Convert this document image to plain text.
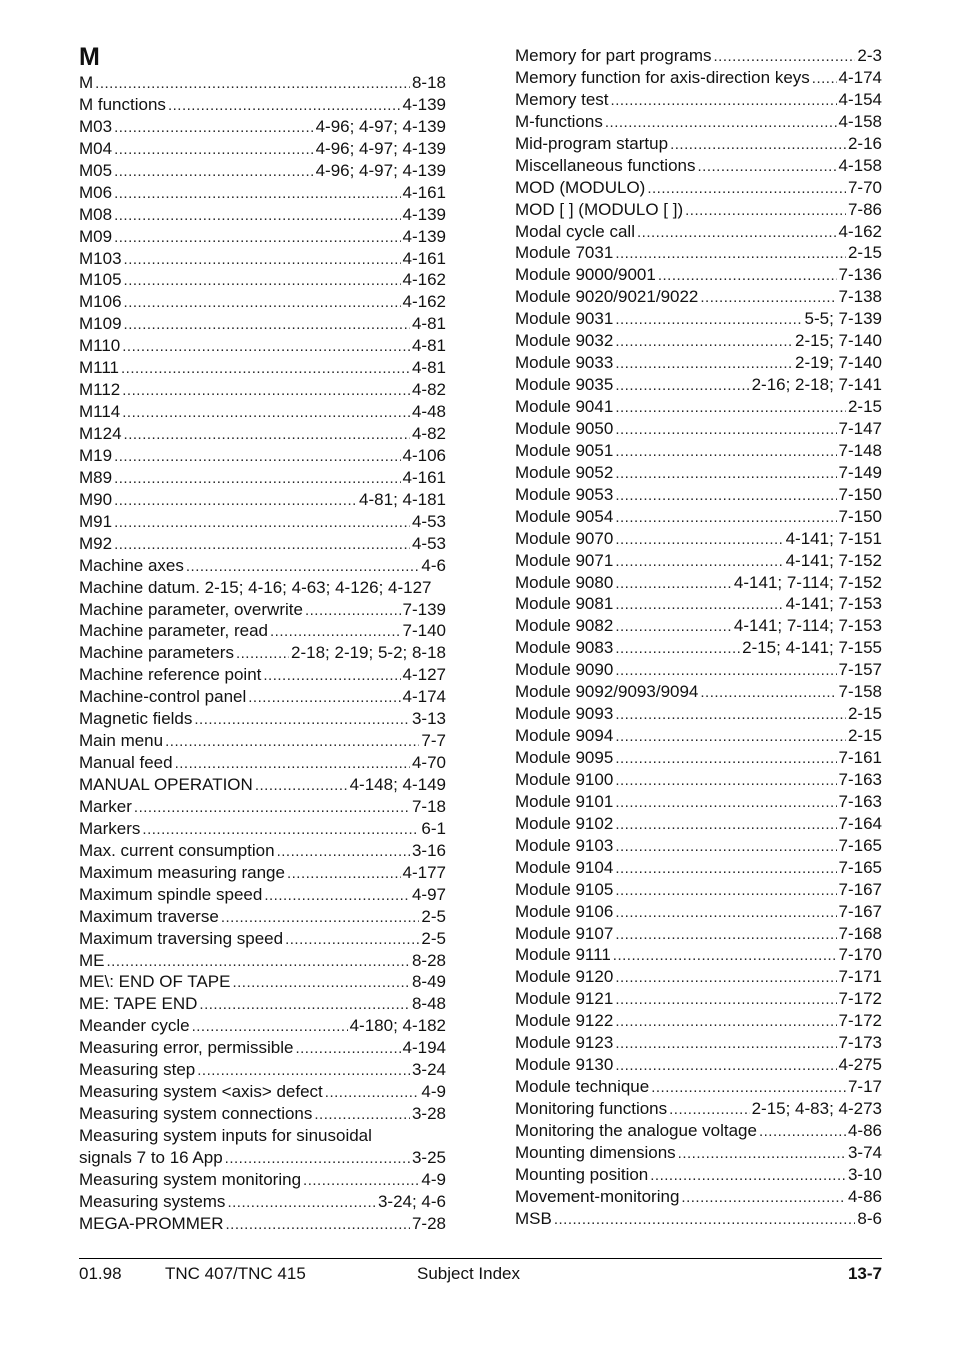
M
M .....	8-18
M functions .....	4-139
M03 .....	4-96; 4-97; 4-139
M04 .....	4-96; 4-97; 4-139
M05 .....	4-96; 4-97; 4-139
M06 .....	4-161
M08 .....	4-139
M09 .....	4-139
M103 .....	4-161
M105 .....	4-162
M106 .....	4-162
M109 .....	4-81
M110 .....	4-81
M111 .....	4-81
M112 .....	4-82
M114 .....	4-48
M124 .....	4-82
M19 .....	4-106
M89 .....	4-161
M90 .....	4-81; 4-181
M91 .....	4-53
M92 .....	4-53
Machine axes .....	4-6
Machine datum. 2-15; 4-16; 4-63; 4-126; 4-127
Machine parameter, overwrite .....	7-139
Machine parameter, read .....	7-140
Machine parameters .....	2-18; 2-19; 5-2; 8-18
Machine reference point .....	4-127
Machine-control panel .....	4-174
Magnetic fields .....	3-13
Main menu .....	7-7
Manual feed .....	4-70
MANUAL OPERATION .....	4-148; 4-149
Marker .....	7-18
Markers .....	6-1
Max. current consumption .....	3-16
Maximum measuring range .....	4-177
Maximum spindle speed .....	4-97
Maximum traverse .....	2-5
Maximum traversing speed .....	2-5
ME .....	8-28
ME\: END OF TAPE .....	8-49
ME: TAPE END .....	8-48
Meander cycle .....	4-180; 4-182
Measuring error, permissible .....	4-194
Measuring step .....	3-24
Measuring system <axis> defect .....	4-9
Measuring system connections .....	3-28
Measuring system inputs for sinusoidal
signals 7 to 16 App .....	3-25
Measuring system monitoring .....	4-9
Measuring systems .....	3-24; 4-6
MEGA-PROMMER .....	7-28
Memory for part programs .....	2-3
Memory function for axis-direction keys ..... 4-174
Memory test .....	4-154
M-functions .....	4-158
Mid-program startup .....	2-16
Miscellaneous functions .....	4-158
MOD (MODULO) .....	7-70
MOD [ ] (MODULO [ ]) .....	7-86
Modal cycle call .....	4-162
Module 7031 .....	2-15
Module 9000/9001 .....	7-136
Module 9020/9021/9022 .....	7-138
Module 9031 .....	5-5; 7-139
Module 9032 .....	2-15; 7-140
Module 9033 .....	2-19; 7-140
Module 9035 .....	2-16; 2-18; 7-141
Module 9041 .....	2-15
Module 9050 .....	7-147
Module 9051 .....	7-148
Module 9052 .....	7-149
Module 9053 .....	7-150
Module 9054 .....	7-150
Module 9070 .....	4-141; 7-151
Module 9071 .....	4-141; 7-152
Module 9080 .....	4-141; 7-114; 7-152
Module 9081 .....	4-141; 7-153
Module 9082 .....	4-141; 7-114; 7-153
Module 9083 .....	2-15; 4-141; 7-155
Module 9090 .....	7-157
Module 9092/9093/9094 .....	7-158
Module 9093 .....	2-15
Module 9094 .....	2-15
Module 9095 .....	7-161
Module 9100 .....	7-163
Module 9101 .....	7-163
Module 9102 .....	7-164
Module 9103 .....	7-165
Module 9104 .....	7-165
Module 9105 .....	7-167
Module 9106 .....	7-167
Module 9107 .....	7-168
Module 9111 .....	7-170
Module 9120 .....	7-171
Module 9121 .....	7-172
Module 9122 .....	7-172
Module 9123 .....	7-173
Module 9130 .....	4-275
Module technique .....	7-17
Monitoring functions .....	2-15; 4-83; 4-273
Monitoring the analogue voltage .....	4-86
Mounting dimensions .....	3-74
Mounting position .....	3-10
Movement-monitoring .....	4-86
MSB .....	8-6
01.98	TNC 407/TNC 415	Subject Index	13-7
